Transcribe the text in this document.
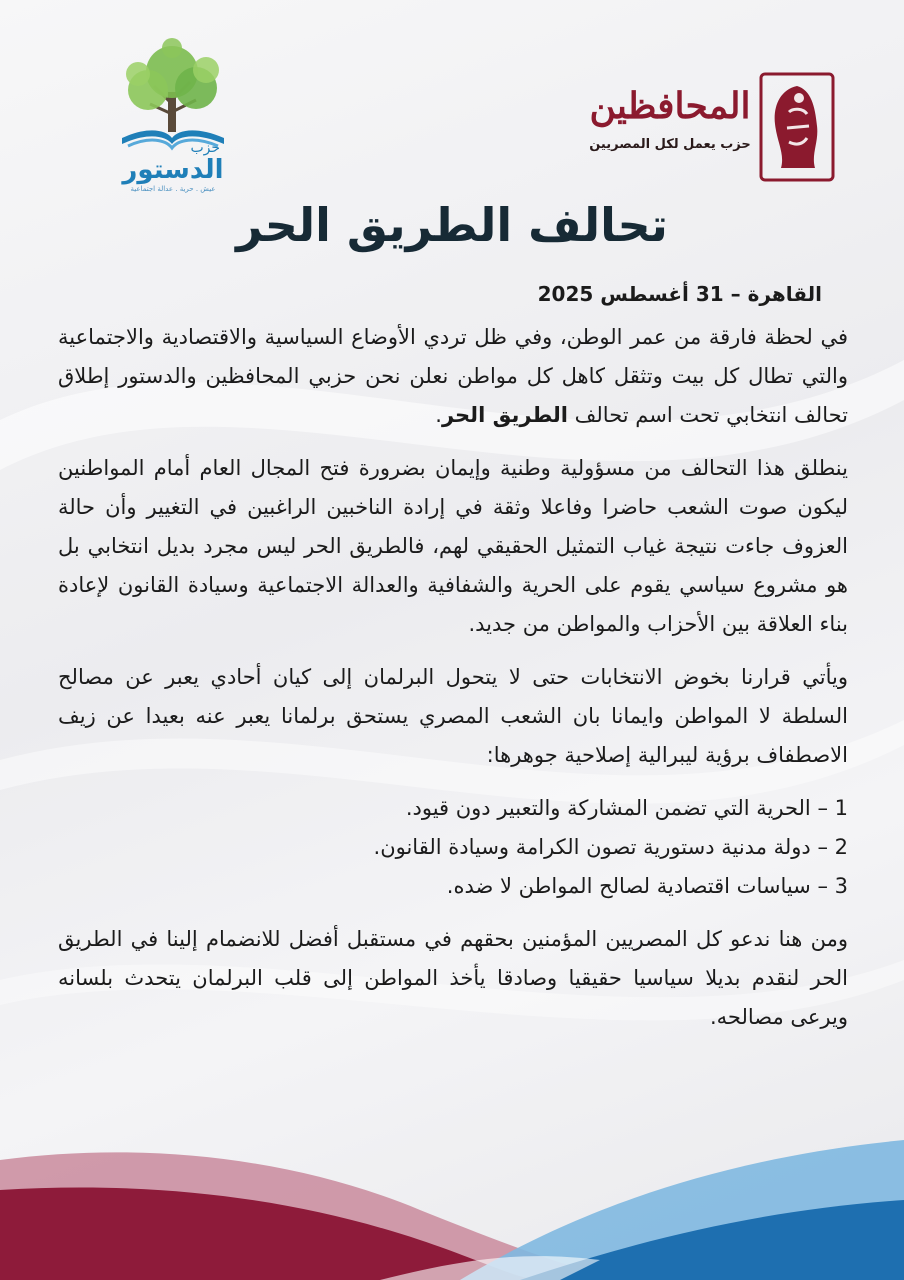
حزب
الدستور
عيش . حرية . عدالة اجتماعية
المحافظين
حزب يعمل لكل المصريين
تحالف الطريق الحر
القاهرة – 31 أغسطس 2025

في لحظة فارقة من عمر الوطن، وفي ظل تردي الأوضاع السياسية والاقتصادية والاجتماعية والتي تطال كل بيت وتثقل كاهل كل مواطن نعلن نحن حزبي المحافظين والدستور إطلاق تحالف انتخابي تحت اسم تحالف الطريق الحر.

ينطلق هذا التحالف من مسؤولية وطنية وإيمان بضرورة فتح المجال العام أمام المواطنين ليكون صوت الشعب حاضرا وفاعلا وثقة في إرادة الناخبين الراغبين في التغيير وأن حالة العزوف جاءت نتيجة غياب التمثيل الحقيقي لهم، فالطريق الحر ليس مجرد بديل انتخابي بل هو مشروع سياسي يقوم على الحرية والشفافية والعدالة الاجتماعية وسيادة القانون لإعادة بناء العلاقة بين الأحزاب والمواطن من جديد.

ويأتي قرارنا بخوض الانتخابات حتى لا يتحول البرلمان إلى كيان أحادي يعبر عن مصالح السلطة لا المواطن وايمانا بان الشعب المصري يستحق برلمانا يعبر عنه بعيدا عن زيف الاصطفاف برؤية ليبرالية إصلاحية جوهرها:

1 – الحرية التي تضمن المشاركة والتعبير دون قيود.
2 – دولة مدنية دستورية تصون الكرامة وسيادة القانون.
3 – سياسات اقتصادية لصالح المواطن لا ضده.

ومن هنا ندعو كل المصريين المؤمنين بحقهم في مستقبل أفضل للانضمام إلينا في الطريق الحر لنقدم بديلا سياسيا حقيقيا وصادقا يأخذ المواطن إلى قلب البرلمان يتحدث بلسانه ويرعى مصالحه.
